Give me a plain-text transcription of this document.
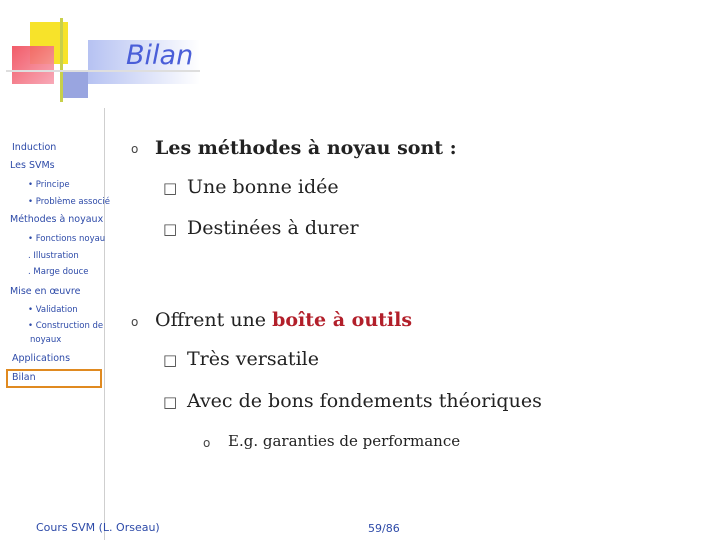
Bilan
Induction
Les SVMs
• Principe
• Problème associé
Méthodes à noyaux
• Fonctions noyau
. Illustration
. Marge douce
Mise en œuvre
• Validation
• Construction de
noyaux
Applications
Bilan
o Les méthodes à noyau sont :
□ Une bonne idée
□ Destinées à durer
o Offrent une boîte à outils
□ Très versatile
□ Avec de bons fondements théoriques
o E.g. garanties de performance
Cours SVM (L. Orseau)	59/86
